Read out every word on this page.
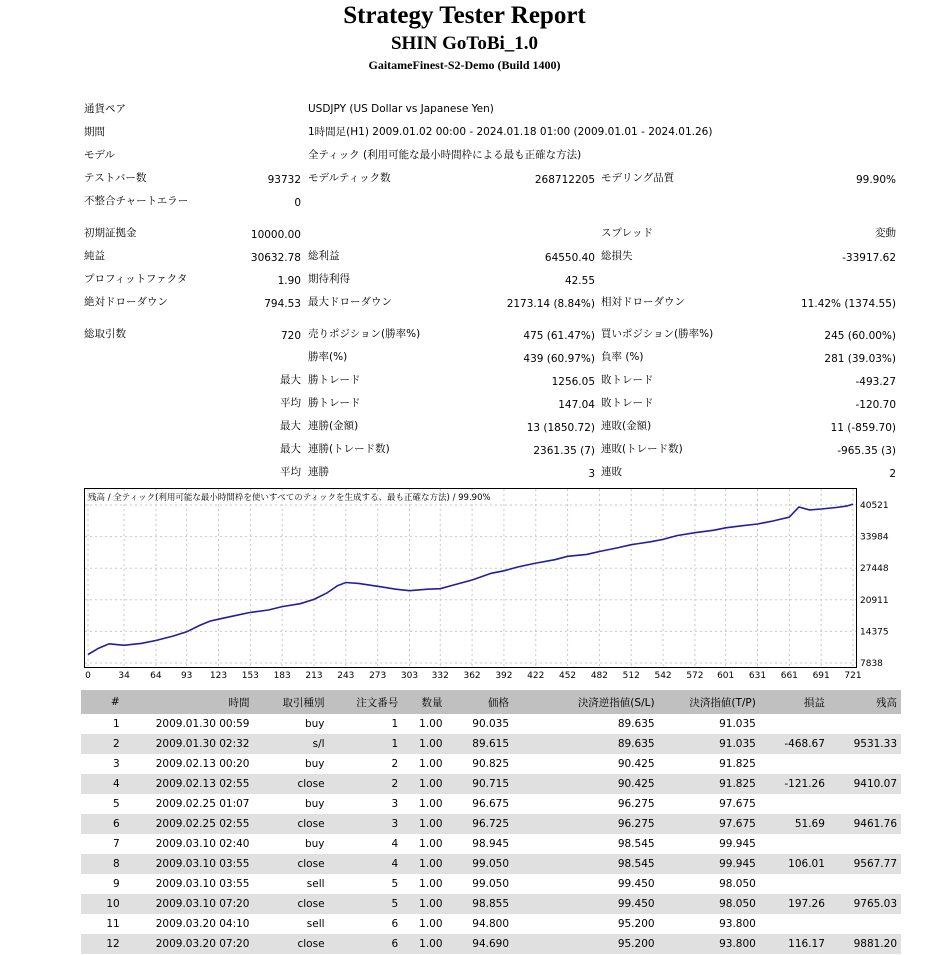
Strategy Tester Report
SHIN GoToBi_1.0
GaitameFinest-S2-Demo (Build 1400)
通貨ペア	USDJPY (US Dollar vs Japanese Yen)
期間	1時間足(H1) 2009.01.02 00:00 - 2024.01.18 01:00 (2009.01.01 - 2024.01.26)
モデル	全ティック (利用可能な最小時間枠による最も正確な方法)
テストバー数	93732 モデルティック数	268712205 モデリング品質	99.90%
不整合チャートエラー	0
初期証拠金	10000.00	スプレッド	変動
純益	30632.78 総利益	64550.40 総損失	-33917.62
プロフィットファクタ	1.90 期待利得	42.55
絶対ドローダウン	794.53 最大ドローダウン	2173.14 (8.84%) 相対ドローダウン	11.42% (1374.55)
総取引数	720 売りポジション(勝率%)	475 (61.47%) 買いポジション(勝率%)	245 (60.00%)
勝率(%)	439 (60.97%) 負率 (%)	281 (39.03%)
最大 勝トレード	1256.05 敗トレード	-493.27
平均 勝トレード	147.04 敗トレード	-120.70
最大 連勝(金額)	13 (1850.72) 連敗(金額)	11 (-859.70)
最大 連勝(トレード数)	2361.35 (7) 連敗(トレード数)	-965.35 (3)
平均 連勝	3 連敗	2
残高 / 全ティック(利用可能な最小時間枠を使いすべてのティックを生成する、最も正確な方法) / 99.90%
0	34 64 93 123 153 183 213 243 273 303 332 362 392 422 452 482 512 542 572 601 631 661 691 721
40521
33984
27448
20911
14375
7838
#	時間	取引種別	注文番号	数量	価格	決済逆指値(S/L)	決済指値(T/P)	損益	残高
1	2009.01.30 00:59	buy	1	1.00	90.035	89.635	91.035		
2	2009.01.30 02:32	s/l	1	1.00	89.615	89.635	91.035	-468.67	9531.33
3	2009.02.13 00:20	buy	2	1.00	90.825	90.425	91.825		
4	2009.02.13 02:55	close	2	1.00	90.715	90.425	91.825	-121.26	9410.07
5	2009.02.25 01:07	buy	3	1.00	96.675	96.275	97.675		
6	2009.02.25 02:55	close	3	1.00	96.725	96.275	97.675	51.69	9461.76
7	2009.03.10 02:40	buy	4	1.00	98.945	98.545	99.945		
8	2009.03.10 03:55	close	4	1.00	99.050	98.545	99.945	106.01	9567.77
9	2009.03.10 03:55	sell	5	1.00	99.050	99.450	98.050		
10	2009.03.10 07:20	close	5	1.00	98.855	99.450	98.050	197.26	9765.03
11	2009.03.20 04:10	sell	6	1.00	94.800	95.200	93.800		
12	2009.03.20 07:20	close	6	1.00	94.690	95.200	93.800	116.17	9881.20
